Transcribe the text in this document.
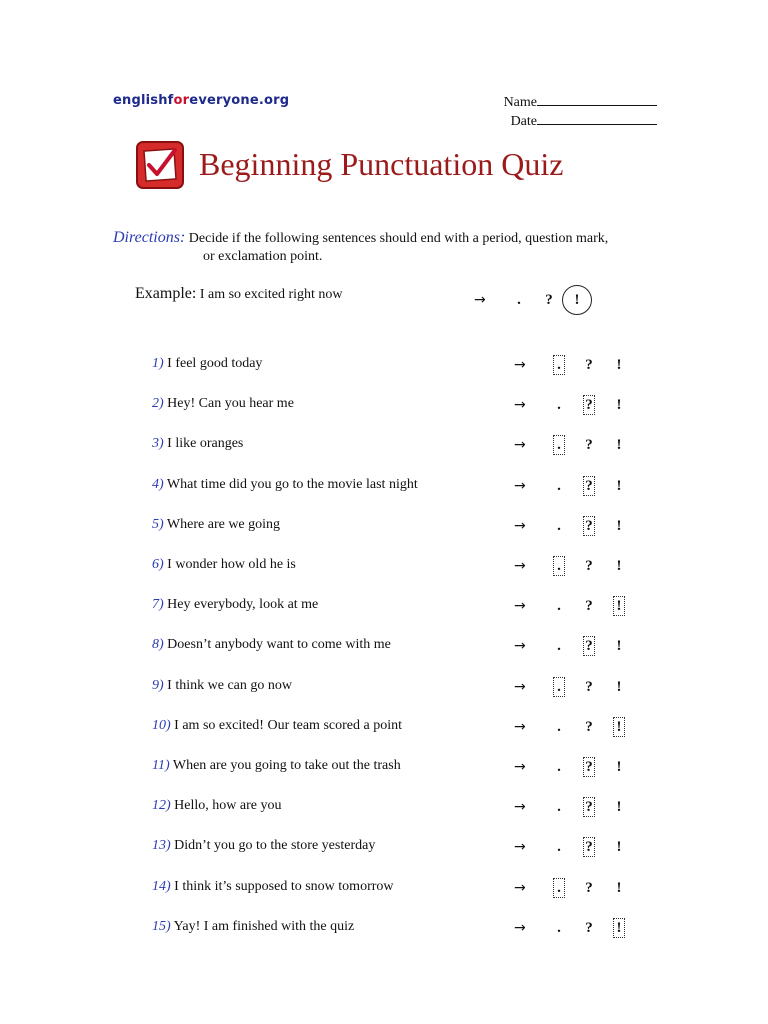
englishforeveryone.org	Name
Date
Beginning Punctuation Quiz
Directions: Decide if the following sentences should end with a period, question mark,
or exclamation point.
Example: I am so excited right now	→	.	?	!
1) I feel good today	→	.	?	!
2) Hey! Can you hear me	→	.	?	!
3) I like oranges	→	.	?	!
4) What time did you go to the movie last night	→	.	?	!
5) Where are we going	→	.	?	!
6) I wonder how old he is	→	.	?	!
7) Hey everybody, look at me	→	.	?	!
8) Doesn’t anybody want to come with me	→	.	?	!
9) I think we can go now	→	.	?	!
10) I am so excited! Our team scored a point	→	.	?	!
11) When are you going to take out the trash	→	.	?	!
12) Hello, how are you	→	.	?	!
13) Didn’t you go to the store yesterday	→	.	?	!
14) I think it’s supposed to snow tomorrow	→	.	?	!
15) Yay! I am finished with the quiz	→	.	?	!
